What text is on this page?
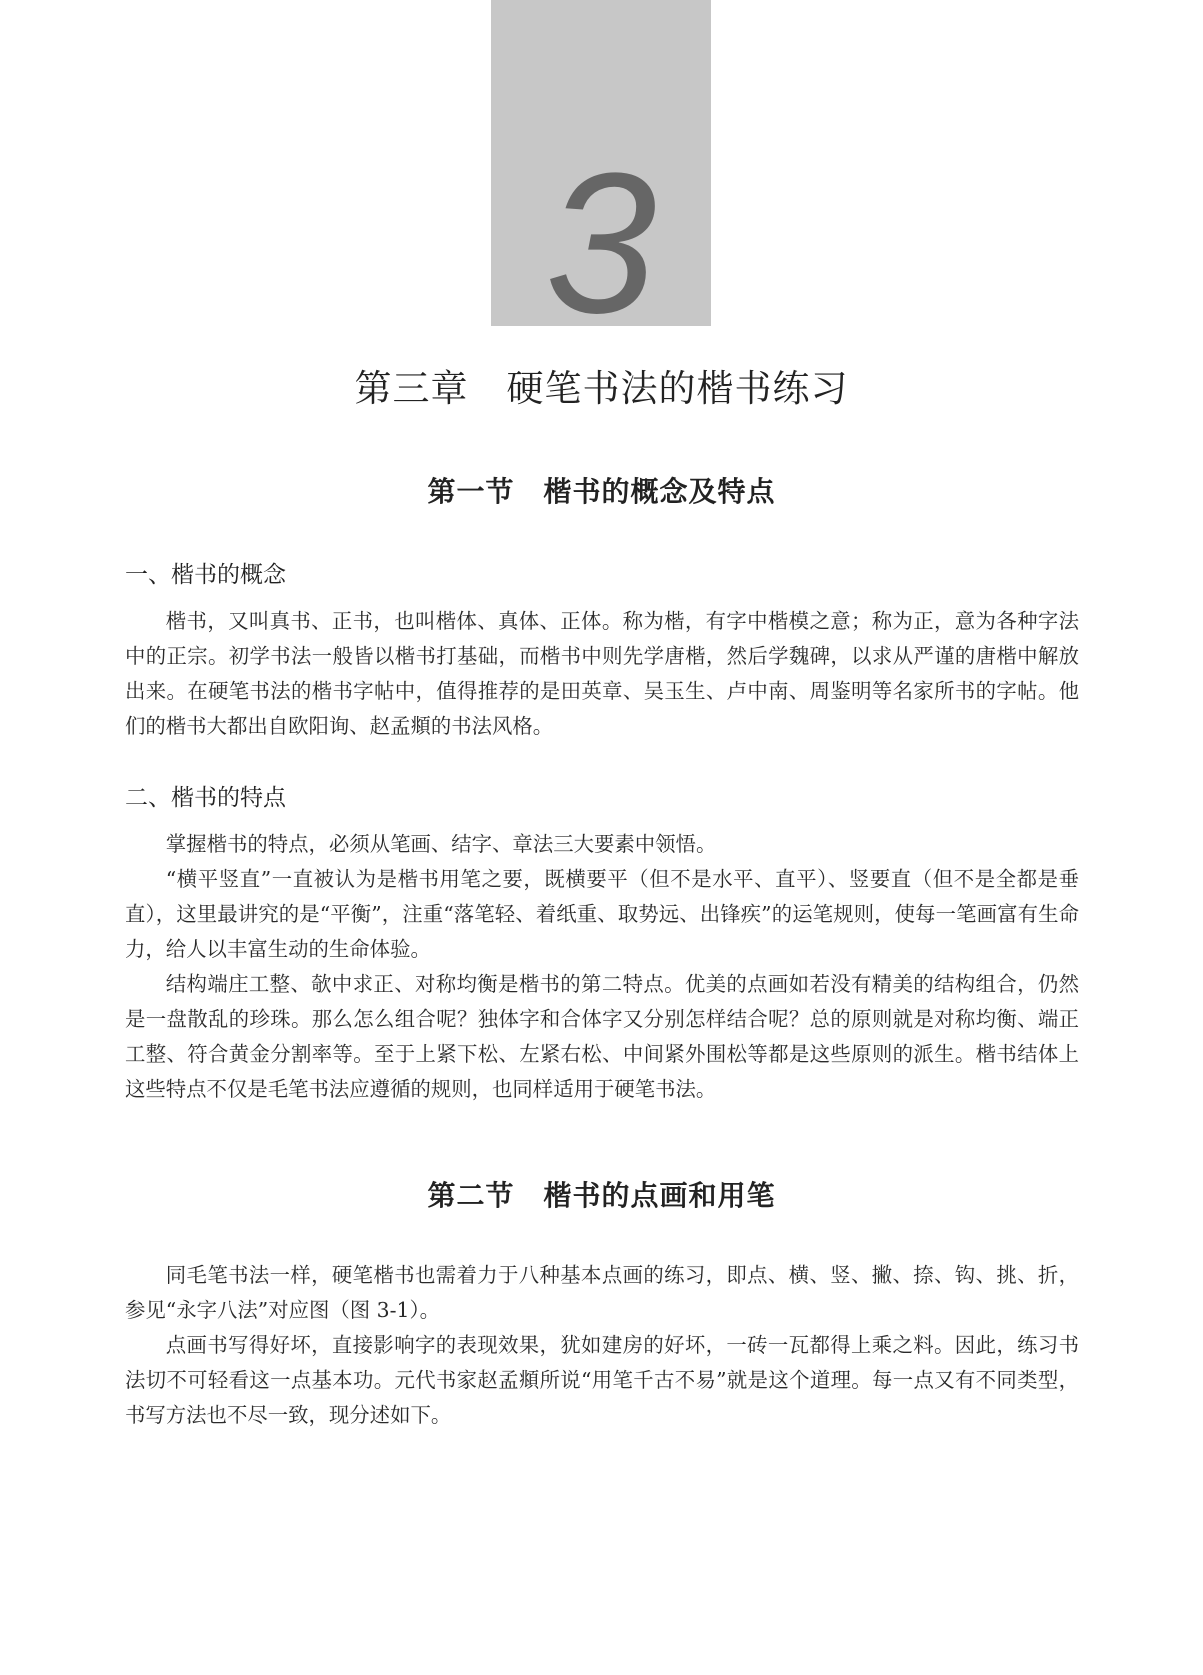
3
第三章　硬笔书法的楷书练习
第一节　楷书的概念及特点
一、楷书的概念

楷书，又叫真书、正书，也叫楷体、真体、正体。称为楷，有字中楷模之意；称为正，意为各种字法中的正宗。初学书法一般皆以楷书打基础，而楷书中则先学唐楷，然后学魏碑，以求从严谨的唐楷中解放出来。在硬笔书法的楷书字帖中，值得推荐的是田英章、吴玉生、卢中南、周鉴明等名家所书的字帖。他们的楷书大都出自欧阳询、赵孟頫的书法风格。

二、楷书的特点

掌握楷书的特点，必须从笔画、结字、章法三大要素中领悟。

“横平竖直”一直被认为是楷书用笔之要，既横要平（但不是水平、直平）、竖要直（但不是全都是垂直），这里最讲究的是“平衡”，注重“落笔轻、着纸重、取势远、出锋疾”的运笔规则，使每一笔画富有生命力，给人以丰富生动的生命体验。

结构端庄工整、欹中求正、对称均衡是楷书的第二特点。优美的点画如若没有精美的结构组合，仍然是一盘散乱的珍珠。那么怎么组合呢？独体字和合体字又分别怎样结合呢？总的原则就是对称均衡、端正工整、符合黄金分割率等。至于上紧下松、左紧右松、中间紧外围松等都是这些原则的派生。楷书结体上这些特点不仅是毛笔书法应遵循的规则，也同样适用于硬笔书法。

第二节　楷书的点画和用笔

同毛笔书法一样，硬笔楷书也需着力于八种基本点画的练习，即点、横、竖、撇、捺、钩、挑、折，参见“永字八法”对应图（图 3-1）。

点画书写得好坏，直接影响字的表现效果，犹如建房的好坏，一砖一瓦都得上乘之料。因此，练习书法切不可轻看这一点基本功。元代书家赵孟頫所说“用笔千古不易”就是这个道理。每一点又有不同类型，书写方法也不尽一致，现分述如下。
